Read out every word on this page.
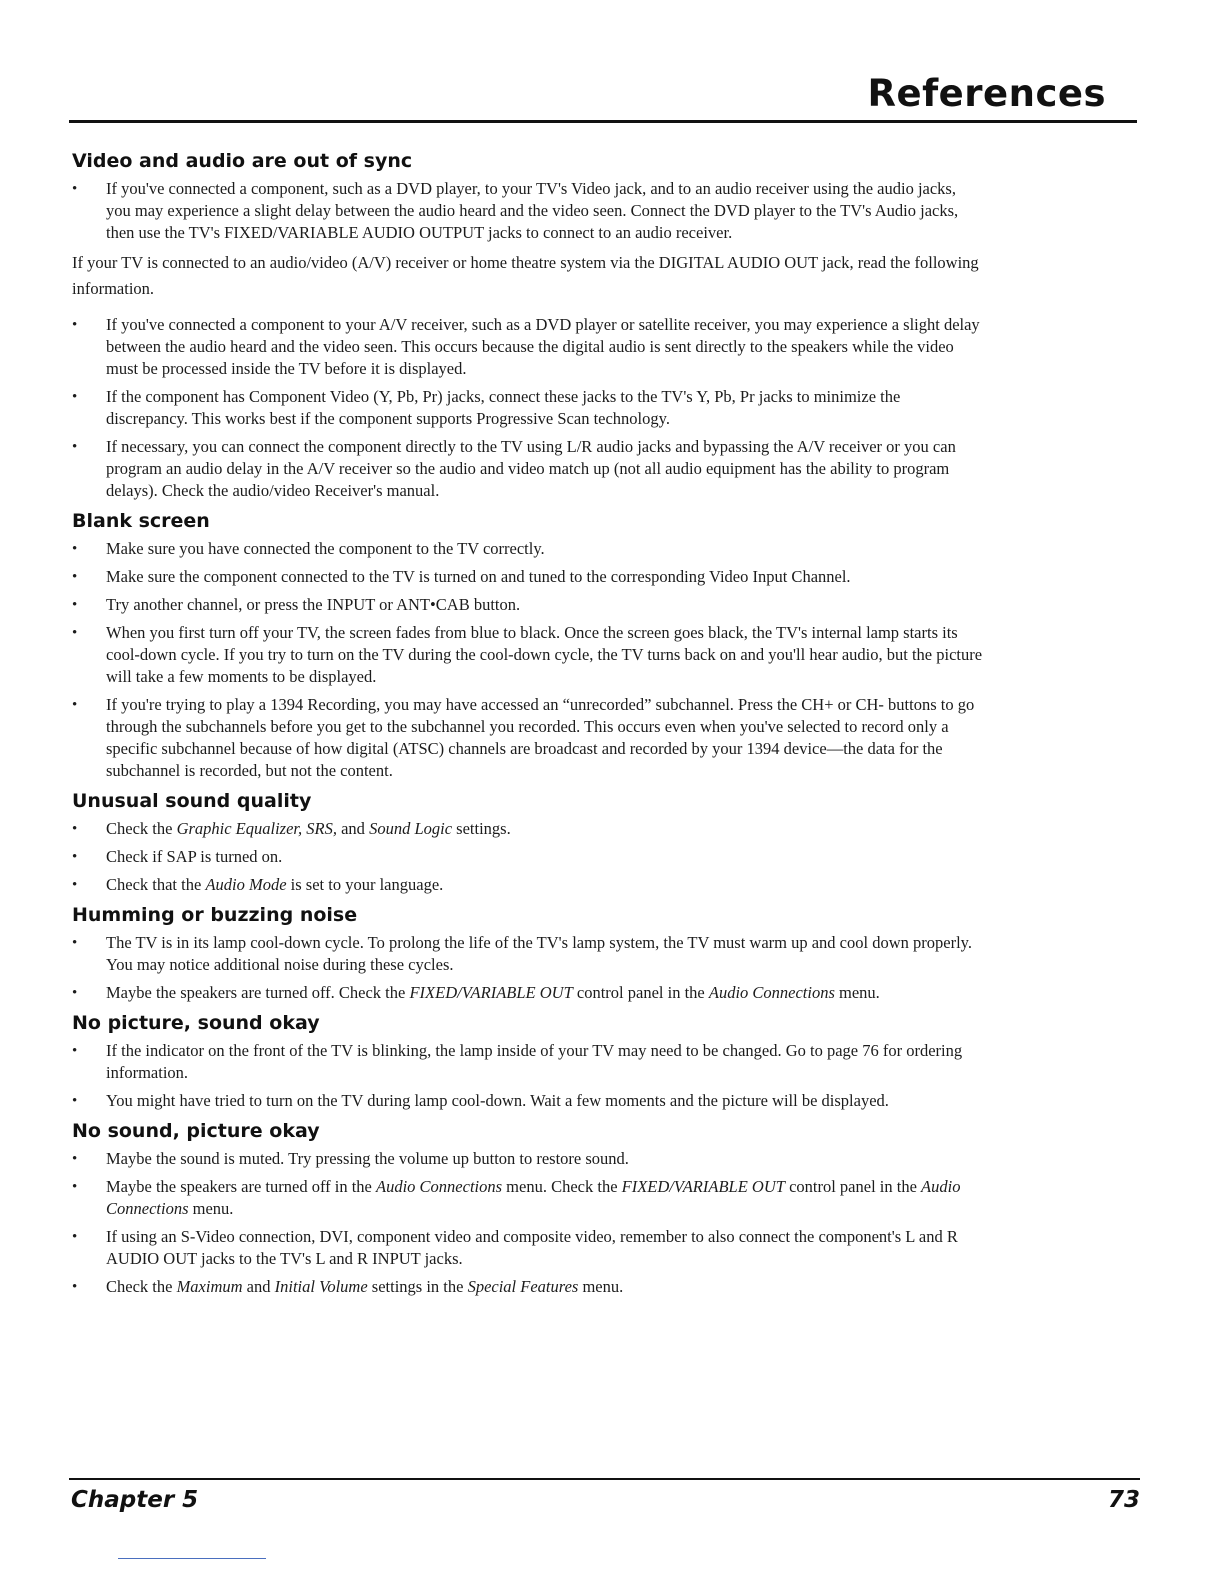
References
Video and audio are out of sync
• If you've connected a component, such as a DVD player, to your TV's Video jack, and to an audio receiver using the audio jacks, you may experience a slight delay between the audio heard and the video seen. Connect the DVD player to the TV's Audio jacks, then use the TV's FIXED/VARIABLE AUDIO OUTPUT jacks to connect to an audio receiver.

If your TV is connected to an audio/video (A/V) receiver or home theatre system via the DIGITAL AUDIO OUT jack, read the following information.

• If you've connected a component to your A/V receiver, such as a DVD player or satellite receiver, you may experience a slight delay between the audio heard and the video seen. This occurs because the digital audio is sent directly to the speakers while the video must be processed inside the TV before it is displayed.
• If the component has Component Video (Y, Pb, Pr) jacks, connect these jacks to the TV's Y, Pb, Pr jacks to minimize the discrepancy. This works best if the component supports Progressive Scan technology.
• If necessary, you can connect the component directly to the TV using L/R audio jacks and bypassing the A/V receiver or you can program an audio delay in the A/V receiver so the audio and video match up (not all audio equipment has the ability to program delays). Check the audio/video Receiver's manual.
Blank screen
• Make sure you have connected the component to the TV correctly.
• Make sure the component connected to the TV is turned on and tuned to the corresponding Video Input Channel.
• Try another channel, or press the INPUT or ANT•CAB button.
• When you first turn off your TV, the screen fades from blue to black. Once the screen goes black, the TV's internal lamp starts its cool-down cycle. If you try to turn on the TV during the cool-down cycle, the TV turns back on and you'll hear audio, but the picture will take a few moments to be displayed.
• If you're trying to play a 1394 Recording, you may have accessed an “unrecorded” subchannel. Press the CH+ or CH- buttons to go through the subchannels before you get to the subchannel you recorded. This occurs even when you've selected to record only a specific subchannel because of how digital (ATSC) channels are broadcast and recorded by your 1394 device—the data for the subchannel is recorded, but not the content.
Unusual sound quality
• Check the Graphic Equalizer, SRS, and Sound Logic settings.
• Check if SAP is turned on.
• Check that the Audio Mode is set to your language.
Humming or buzzing noise
• The TV is in its lamp cool-down cycle. To prolong the life of the TV's lamp system, the TV must warm up and cool down properly. You may notice additional noise during these cycles.
• Maybe the speakers are turned off. Check the FIXED/VARIABLE OUT control panel in the Audio Connections menu.
No picture, sound okay
• If the indicator on the front of the TV is blinking, the lamp inside of your TV may need to be changed. Go to page 76 for ordering information.
• You might have tried to turn on the TV during lamp cool-down. Wait a few moments and the picture will be displayed.
No sound, picture okay
• Maybe the sound is muted. Try pressing the volume up button to restore sound.
• Maybe the speakers are turned off in the Audio Connections menu. Check the FIXED/VARIABLE OUT control panel in the Audio Connections menu.
• If using an S-Video connection, DVI, component video and composite video, remember to also connect the component's L and R AUDIO OUT jacks to the TV's L and R INPUT jacks.
• Check the Maximum and Initial Volume settings in the Special Features menu.
Chapter 5	73
